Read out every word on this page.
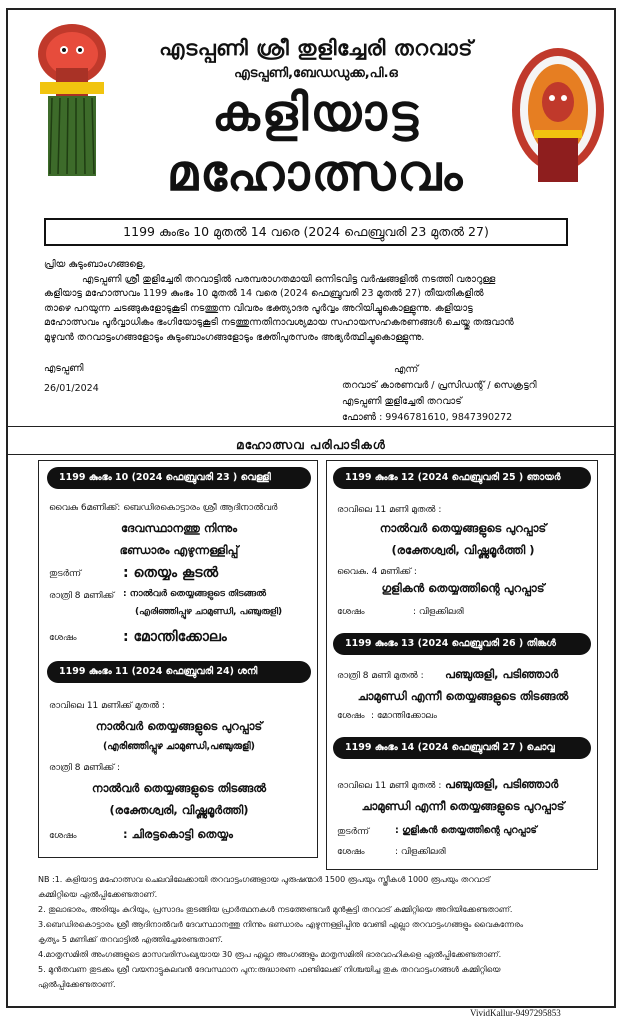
എടപ്പണി ശ്രീ തുളിച്ചേരി തറവാട്
എടപ്പണി,ബേഡഡുക്ക,പി.ഒ
കളിയാട്ട
മഹോത്സവം
1199 കുംഭം 10 മുതൽ 14 വരെ (2024 ഫെബ്രുവരി 23 മുതൽ 27)

പ്രിയ കുടുംബാംഗങ്ങളെ,

എടപ്പണി ശ്രീ തുളിച്ചേരി തറവാട്ടിൽ പരമ്പരാഗതമായി ഒന്നിടവിട്ട വർഷങ്ങളിൽ നടത്തി വരാറുള്ള

കളിയാട്ട മഹോത്സവം 1199 കുംഭം 10 മുതൽ 14 വരെ (2024 ഫെബ്രുവരി 23 മുതൽ 27) തീയതികളിൽ

താഴെ പറയുന്ന ചടങ്ങുകളോടുകൂടി നടത്തുന്ന വിവരം ഭക്ത്യാദര പൂർവ്വം അറിയിച്ചുകൊള്ളുന്നു. കളിയാട്ട

മഹോത്സവം പൂർവ്വാധികം ഭംഗിയോടുകൂടി നടത്തുന്നതിനാവശ്യമായ സഹായസഹകരണങ്ങൾ ചെയ്തു തരുവാൻ

മുഴുവൻ തറവാട്ടംഗങ്ങളോടും കുടുംബാംഗങ്ങളോടും ഭക്തിപുരസരം അഭ്യർത്ഥിച്ചുകൊള്ളുന്നു.

എടപ്പണി

26/01/2024

എന്ന്

തറവാട് കാരണവർ / പ്രസിഡന്റ് / സെക്രട്ടറി

എടപ്പണി തുളിച്ചേരി തറവാട്

ഫോൺ : 9946781610, 9847390272

മഹോത്സവ പരിപാടികൾ
1199 കുംഭം 10 (2024 ഫെബ്രുവരി 23 ) വെള്ളി
വൈകു 6മണിക്ക്: ബെഡിരകൊട്ടാരം ശ്രീ ആദിനാൽവർ
ദേവസ്ഥാനത്തു നിന്നും
ഭണ്ഡാരം എഴുന്നള്ളിപ്പ്
തുടർന്ന്	: തെയ്യം കൂടൽ
രാത്രി 8 മണിക്ക് : നാൽവർ തെയ്യങ്ങളുടെ തിടങ്ങൽ
(എരിഞ്ഞിപ്പുഴ ചാമുണ്ഡി, പഞ്ചുരുളി)
ശേഷം	: മോന്തിക്കോലം
1199 കുംഭം 11 (2024 ഫെബ്രുവരി 24) ശനി
രാവിലെ 11 മണിക്ക് മുതൽ :
നാൽവർ തെയ്യങ്ങളുടെ പുറപ്പാട്
(എരിഞ്ഞിപ്പുഴ ചാമുണ്ഡി,പഞ്ചുരുളി)
രാത്രി 8 മണിക്ക് :
നാൽവർ തെയ്യങ്ങളുടെ തിടങ്ങൽ
(രക്തേശ്വരി, വിഷ്ണുമൂർത്തി)
ശേഷം	: ചിരട്ടകൊട്ടി തെയ്യം
1199 കുംഭം 12 (2024 ഫെബ്രുവരി 25 ) ഞായർ
രാവിലെ 11 മണി മുതൽ :
നാൽവർ തെയ്യങ്ങളുടെ പുറപ്പാട്
(രക്തേശ്വരി, വിഷ്ണുമൂർത്തി )
വൈകു. 4 മണിക്ക് :
ഗുളികൻ തെയ്യത്തിന്റെ പുറപ്പാട്
ശേഷം	: വിളക്കിലരി
1199 കുംഭം 13 (2024 ഫെബ്രുവരി 26 ) തിങ്കൾ
രാത്രി 8 മണി മുതൽ : പഞ്ചുരുളി, പടിഞ്ഞാർ
ചാമുണ്ഡി എന്നീ തെയ്യങ്ങളുടെ തിടങ്ങൽ
ശേഷം : മോന്തിക്കോലം
1199 കുംഭം 14 (2024 ഫെബ്രുവരി 27 ) ചൊവ്വ
രാവിലെ 11 മണി മുതൽ : പഞ്ചുരുളി, പടിഞ്ഞാർ
ചാമുണ്ഡി എന്നീ തെയ്യങ്ങളുടെ പുറപ്പാട്
തുടർന്ന്	: ഗുളികൻ തെയ്യത്തിന്റെ പുറപ്പാട്
ശേഷം	: വിളക്കിലരി

NB :1. കളിയാട്ട മഹോത്സവ ചെലവിലേക്കായി തറവാട്ടംഗങ്ങളായ പുരുഷന്മാർ 1500 രൂപയും സ്ത്രീകൾ 1000 രൂപയും തറവാട്

കമ്മിറ്റിയെ ഏൽപ്പിക്കേണ്ടതാണ്.

2. തുലാഭാരം, അരിയും കുറിയും, പ്രസാദം തുടങ്ങിയ പ്രാർത്ഥനകൾ നടത്തേണ്ടവർ മുൻകൂട്ടി തറവാട് കമ്മിറ്റിയെ അറിയിക്കേണ്ടതാണ്.

3.ബെഡിരകൊട്ടാരം ശ്രീ ആദിനാൽവർ ദേവസ്ഥാനത്തു നിന്നും ഭണ്ഡാരം എഴുന്നള്ളിപ്പിനു വേണ്ടി എല്ലാ തറവാട്ടംഗങ്ങളും വൈകുന്നേരം

കൃത്യം 5 മണിക്ക് തറവാട്ടിൽ എത്തിച്ചേരേണ്ടതാണ്.

4.മാതൃസമിതി അംഗങ്ങളുടെ മാസവരിസംഖ്യയായ 30 രൂപ എല്ലാ അംഗങ്ങളും മാതൃസമിതി ഭാരവാഹികളെ ഏൽപ്പിക്കേണ്ടതാണ്.

5. മുൻതവണ തുടക്കം ശ്രീ വയനാട്ടുകുലവൻ ദേവസ്ഥാന പുന:രുദ്ധാരണ ഫണ്ടിലേക്ക് നിശ്ചയിച്ച തുക തറവാട്ടംഗങ്ങൾ കമ്മിറ്റിയെ

ഏൽപ്പിക്കേണ്ടതാണ്.

VividKallur-9497295853
